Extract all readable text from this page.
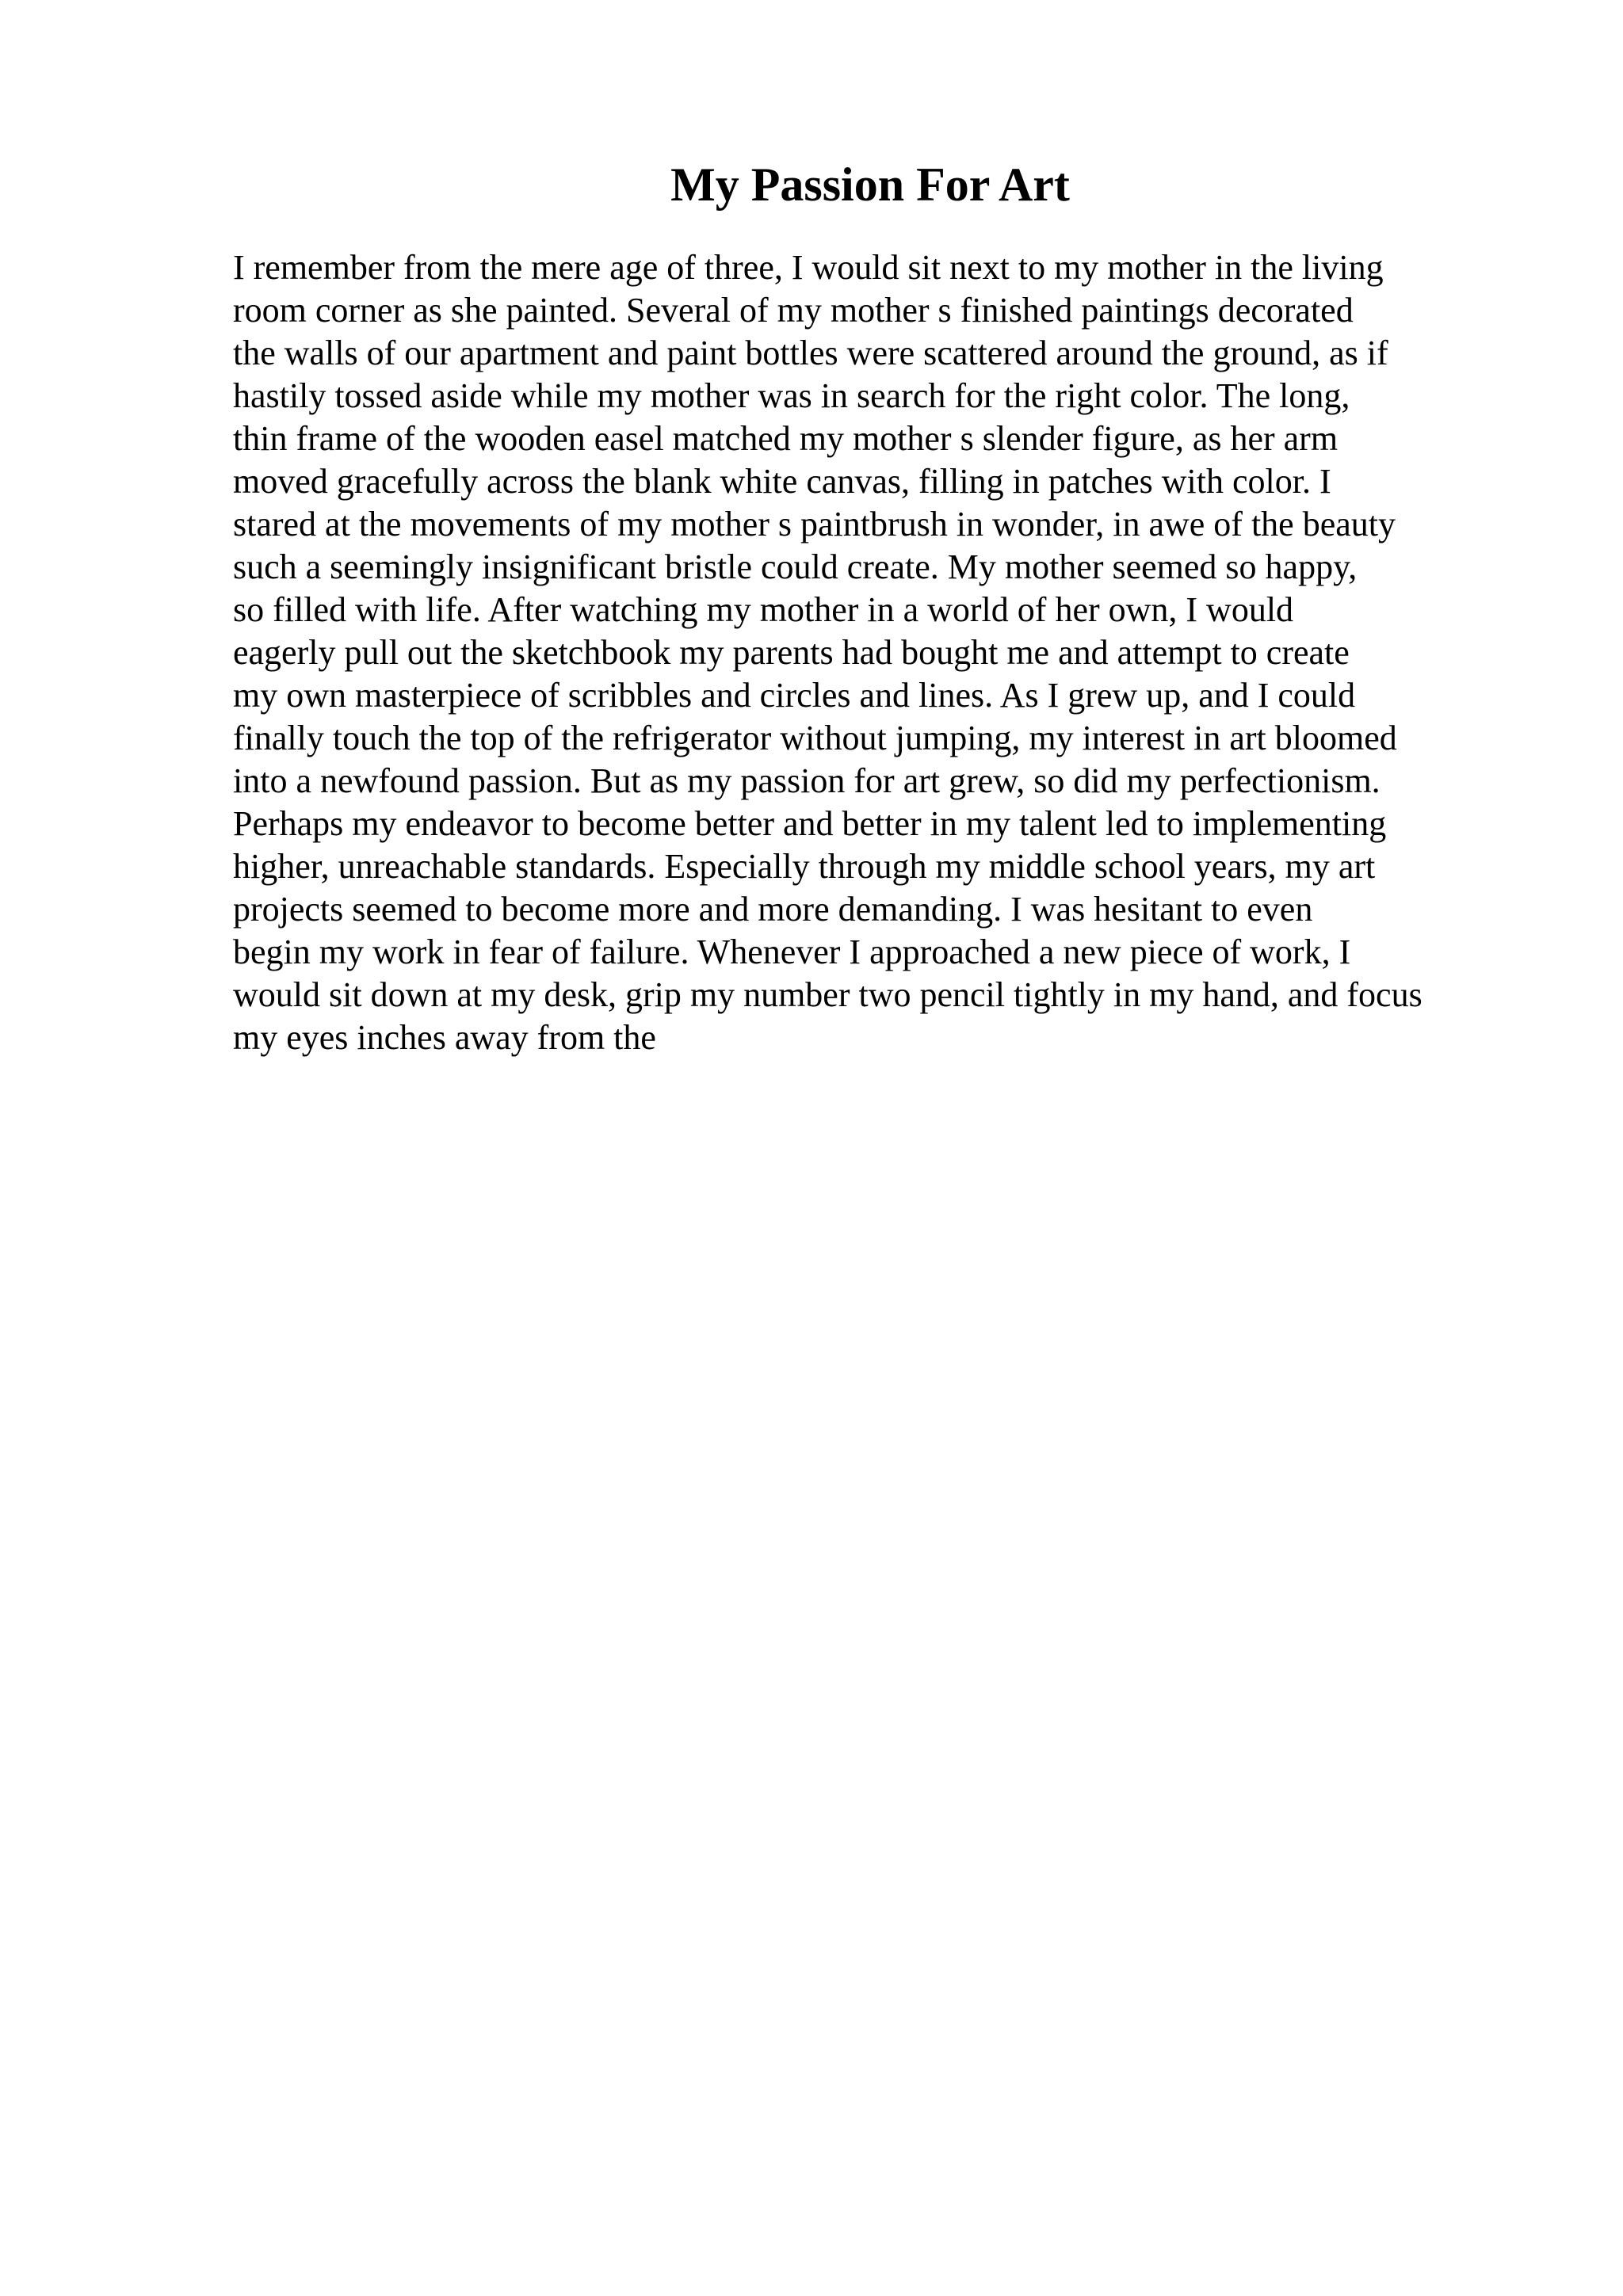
My Passion For Art
I remember from the mere age of three, I would sit next to my mother in the living
room corner as she painted. Several of my mother s finished paintings decorated
the walls of our apartment and paint bottles were scattered around the ground, as if
hastily tossed aside while my mother was in search for the right color. The long,
thin frame of the wooden easel matched my mother s slender figure, as her arm
moved gracefully across the blank white canvas, filling in patches with color. I
stared at the movements of my mother s paintbrush in wonder, in awe of the beauty
such a seemingly insignificant bristle could create. My mother seemed so happy,
so filled with life. After watching my mother in a world of her own, I would
eagerly pull out the sketchbook my parents had bought me and attempt to create
my own masterpiece of scribbles and circles and lines. As I grew up, and I could
finally touch the top of the refrigerator without jumping, my interest in art bloomed
into a newfound passion. But as my passion for art grew, so did my perfectionism.
Perhaps my endeavor to become better and better in my talent led to implementing
higher, unreachable standards. Especially through my middle school years, my art
projects seemed to become more and more demanding. I was hesitant to even
begin my work in fear of failure. Whenever I approached a new piece of work, I
would sit down at my desk, grip my number two pencil tightly in my hand, and focus
my eyes inches away from the
